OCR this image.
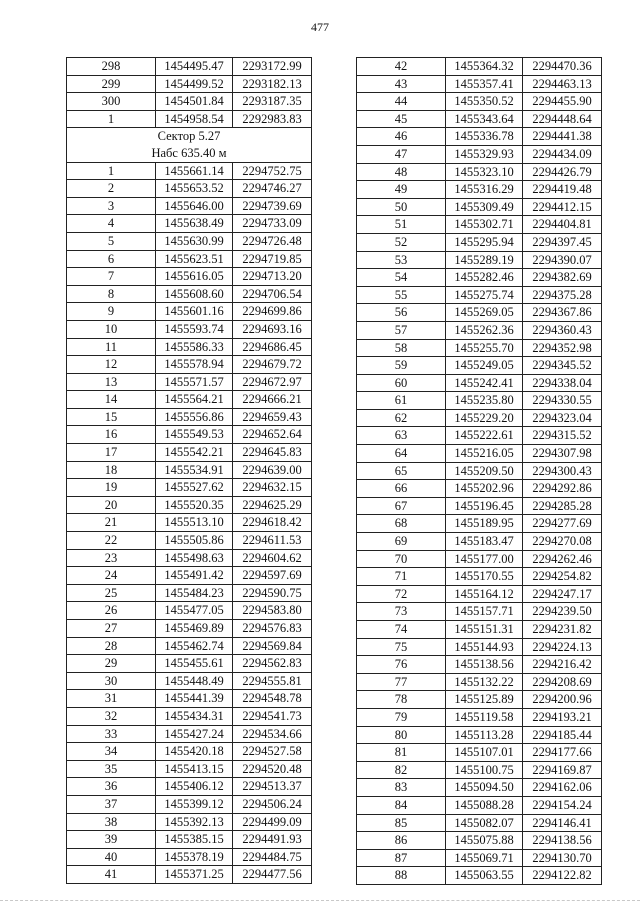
477
298	1454495.47	2293172.99
299	1454499.52	2293182.13
300	1454501.84	2293187.35
1	1454958.54	2292983.83

Сектор 5.27
Набс 635.40 м		

1	1455661.14	2294752.75
2	1455653.52	2294746.27
3	1455646.00	2294739.69
4	1455638.49	2294733.09
5	1455630.99	2294726.48
6	1455623.51	2294719.85
7	1455616.05	2294713.20
8	1455608.60	2294706.54
9	1455601.16	2294699.86
10	1455593.74	2294693.16
11	1455586.33	2294686.45
12	1455578.94	2294679.72
13	1455571.57	2294672.97
14	1455564.21	2294666.21
15	1455556.86	2294659.43
16	1455549.53	2294652.64
17	1455542.21	2294645.83
18	1455534.91	2294639.00
19	1455527.62	2294632.15
20	1455520.35	2294625.29
21	1455513.10	2294618.42
22	1455505.86	2294611.53
23	1455498.63	2294604.62
24	1455491.42	2294597.69
25	1455484.23	2294590.75
26	1455477.05	2294583.80
27	1455469.89	2294576.83
28	1455462.74	2294569.84
29	1455455.61	2294562.83
30	1455448.49	2294555.81
31	1455441.39	2294548.78
32	1455434.31	2294541.73
33	1455427.24	2294534.66
34	1455420.18	2294527.58
35	1455413.15	2294520.48
36	1455406.12	2294513.37
37	1455399.12	2294506.24
38	1455392.13	2294499.09
39	1455385.15	2294491.93
40	1455378.19	2294484.75
41	1455371.25	2294477.56
42	1455364.32	2294470.36
43	1455357.41	2294463.13
44	1455350.52	2294455.90
45	1455343.64	2294448.64
46	1455336.78	2294441.38
47	1455329.93	2294434.09
48	1455323.10	2294426.79
49	1455316.29	2294419.48
50	1455309.49	2294412.15
51	1455302.71	2294404.81
52	1455295.94	2294397.45
53	1455289.19	2294390.07
54	1455282.46	2294382.69
55	1455275.74	2294375.28
56	1455269.05	2294367.86
57	1455262.36	2294360.43
58	1455255.70	2294352.98
59	1455249.05	2294345.52
60	1455242.41	2294338.04
61	1455235.80	2294330.55
62	1455229.20	2294323.04
63	1455222.61	2294315.52
64	1455216.05	2294307.98
65	1455209.50	2294300.43
66	1455202.96	2294292.86
67	1455196.45	2294285.28
68	1455189.95	2294277.69
69	1455183.47	2294270.08
70	1455177.00	2294262.46
71	1455170.55	2294254.82
72	1455164.12	2294247.17
73	1455157.71	2294239.50
74	1455151.31	2294231.82
75	1455144.93	2294224.13
76	1455138.56	2294216.42
77	1455132.22	2294208.69
78	1455125.89	2294200.96
79	1455119.58	2294193.21
80	1455113.28	2294185.44
81	1455107.01	2294177.66
82	1455100.75	2294169.87
83	1455094.50	2294162.06
84	1455088.28	2294154.24
85	1455082.07	2294146.41
86	1455075.88	2294138.56
87	1455069.71	2294130.70
88	1455063.55	2294122.82
